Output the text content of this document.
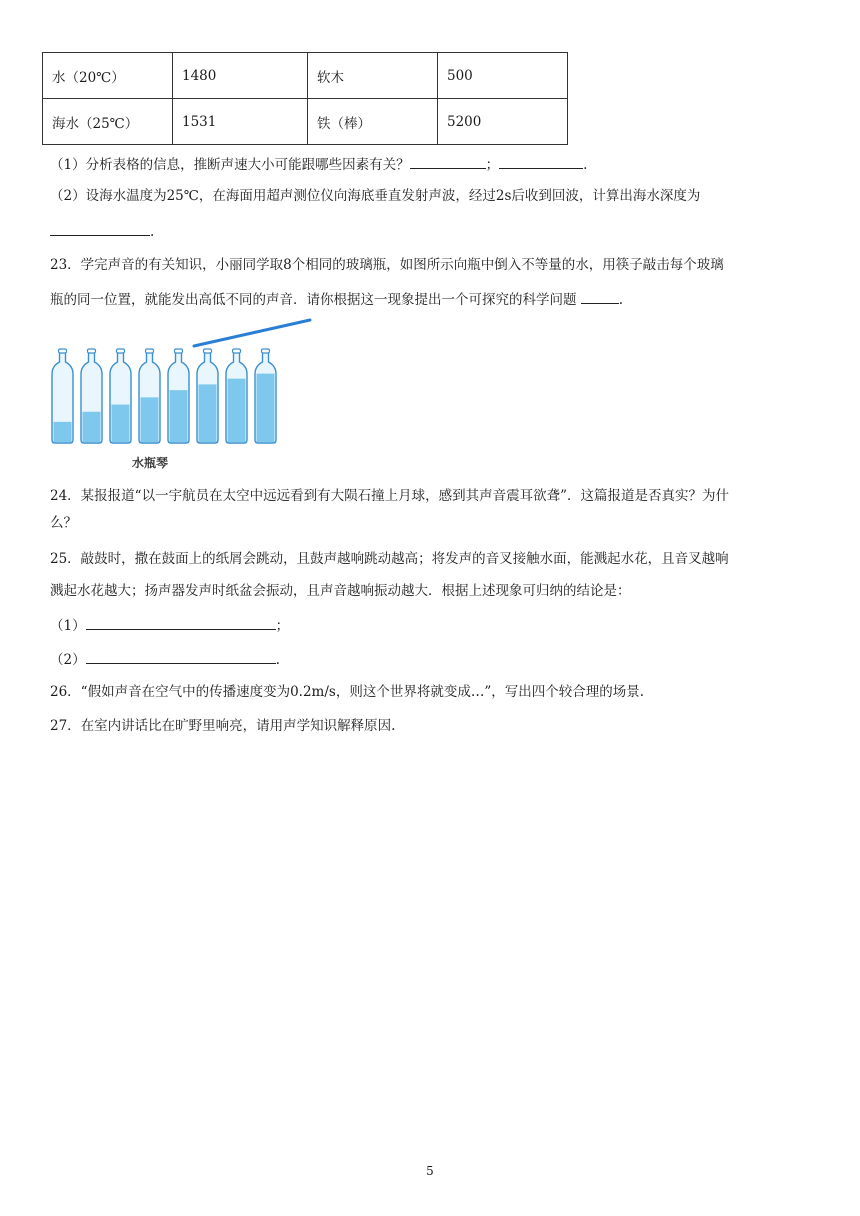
水（20℃）	1480	软木	500
海水（25℃）	1531	铁（棒）	5200
（1）分析表格的信息，推断声速大小可能跟哪些因素有关？	；	.
（2）设海水温度为25℃，在海面用超声测位仪向海底垂直发射声波，经过2s后收到回波，计算出海水深度为
.
23．学完声音的有关知识，小丽同学取8个相同的玻璃瓶，如图所示向瓶中倒入不等量的水，用筷子敲击每个玻璃
瓶的同一位置，就能发出高低不同的声音．请你根据这一现象提出一个可探究的科学问题	.
水瓶琴
24．某报报道“以一宇航员在太空中远远看到有大陨石撞上月球，感到其声音震耳欲聋”．这篇报道是否真实？为什
么？
25．敲鼓时，撒在鼓面上的纸屑会跳动，且鼓声越响跳动越高；将发声的音叉接触水面，能溅起水花，且音叉越响
溅起水花越大；扬声器发声时纸盆会振动，且声音越响振动越大．根据上述现象可归纳的结论是：
（1）	；
（2）	.
26．“假如声音在空气中的传播速度变为0.2m/s，则这个世界将就变成…”，写出四个较合理的场景.
27．在室内讲话比在旷野里响亮，请用声学知识解释原因.
5
